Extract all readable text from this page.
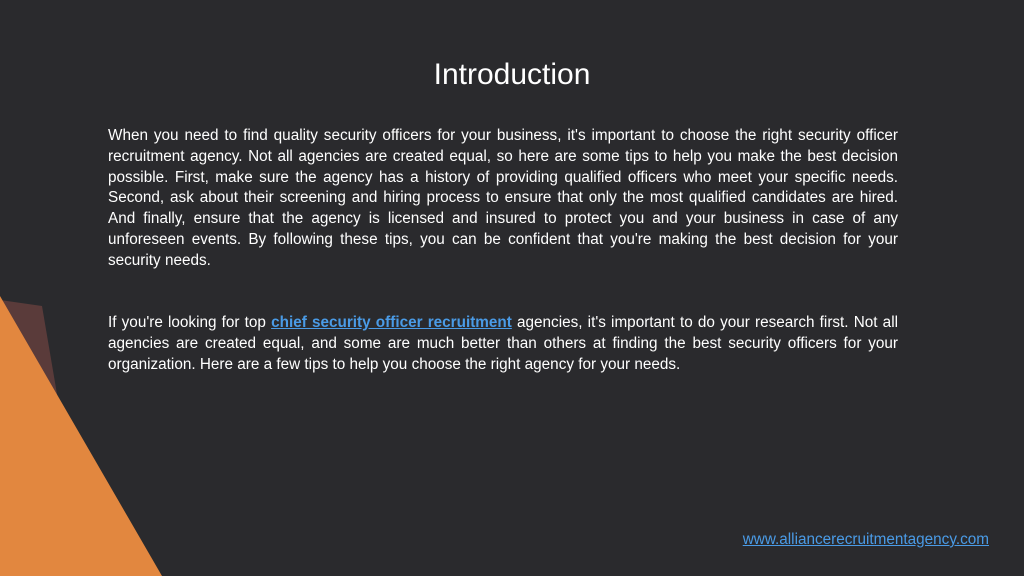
Introduction

When you need to find quality security officers for your business, it's important to choose the right security officer recruitment agency. Not all agencies are created equal, so here are some tips to help you make the best decision possible. First, make sure the agency has a history of providing qualified officers who meet your specific needs. Second, ask about their screening and hiring process to ensure that only the most qualified candidates are hired. And finally, ensure that the agency is licensed and insured to protect you and your business in case of any unforeseen events. By following these tips, you can be confident that you're making the best decision for your security needs.

If you're looking for top chief security officer recruitment agencies, it's important to do your research first. Not all agencies are created equal, and some are much better than others at finding the best security officers for your organization. Here are a few tips to help you choose the right agency for your needs.

www.alliancerecruitmentagency.com
